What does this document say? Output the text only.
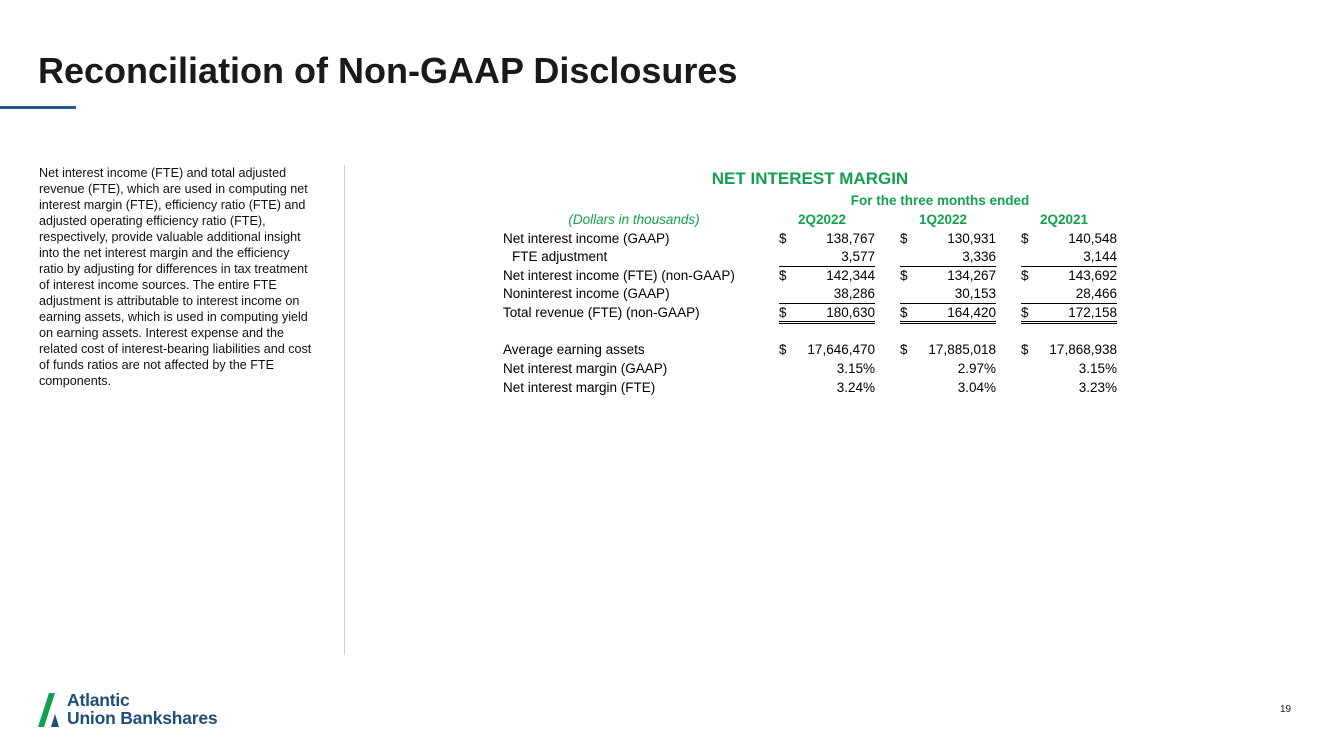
Reconciliation of Non-GAAP Disclosures
Net interest income (FTE) and total adjusted revenue (FTE), which are used in computing net interest margin (FTE), efficiency ratio (FTE) and adjusted operating efficiency ratio (FTE), respectively, provide valuable additional insight into the net interest margin and the efficiency ratio by adjusting for differences in tax treatment of interest income sources. The entire FTE adjustment is attributable to interest income on earning assets, which is used in computing yield on earning assets. Interest expense and the related cost of interest-bearing liabilities and cost of funds ratios are not affected by the FTE components.
NET INTEREST MARGIN
For the three months ended
(Dollars in thousands)	2Q2022	1Q2022	2Q2021
Net interest income (GAAP)	$	138,767 $	130,931 $	140,548
FTE adjustment	3,577	3,336	3,144
Net interest income (FTE) (non-GAAP)	$	142,344 $	134,267 $	143,692
Noninterest income (GAAP)	38,286	30,153	28,466
Total revenue (FTE) (non-GAAP)	$	180,630 $	164,420 $	172,158
Average earning assets	$ 17,646,470 $ 17,885,018 $ 17,868,938
Net interest margin (GAAP)	3.15%	2.97%	3.15%
Net interest margin (FTE)	3.24%	3.04%	3.23%
Atlantic
Union Bankshares	19
